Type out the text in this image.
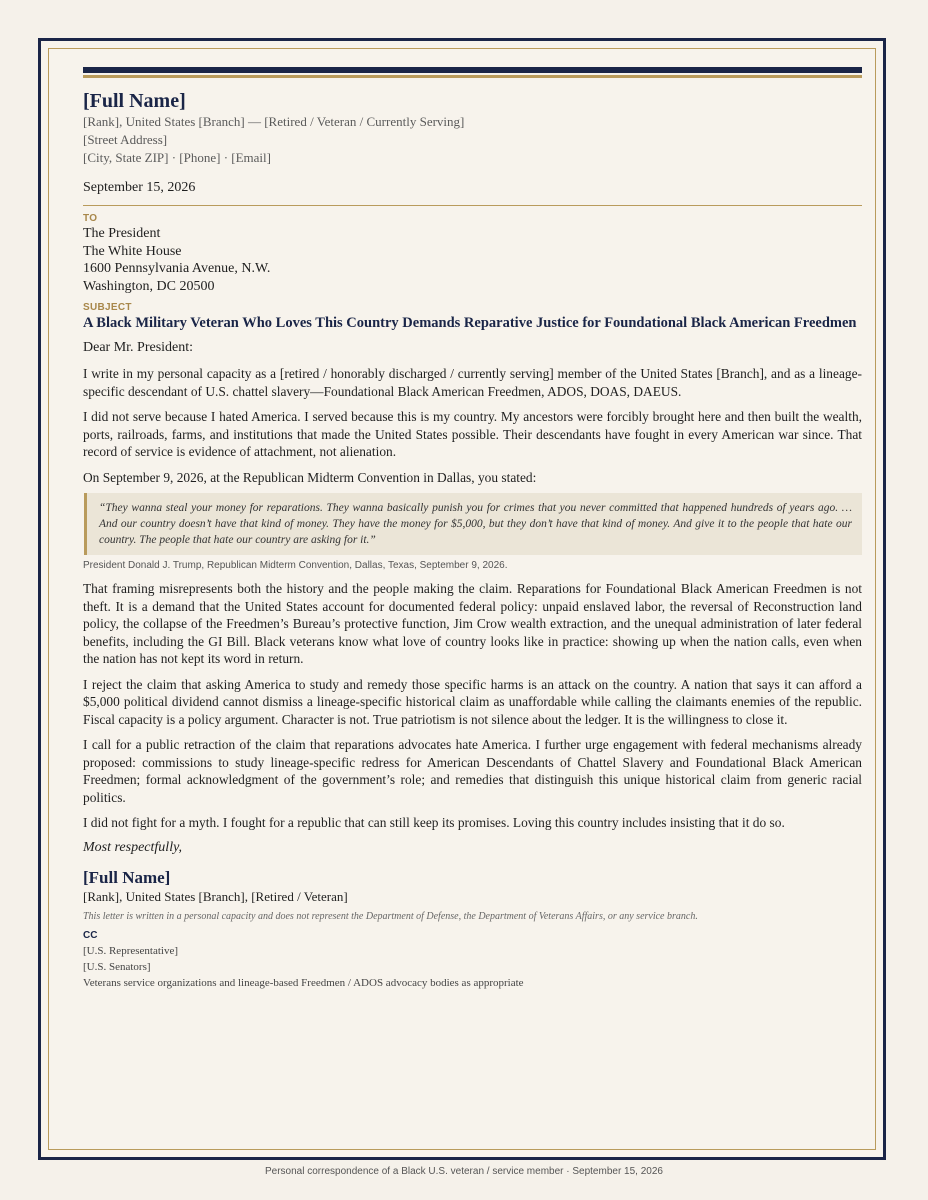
[Full Name]
[Rank], United States [Branch] — [Retired / Veteran / Currently Serving]
[Street Address]
[City, State ZIP] · [Phone] · [Email]
September 15, 2026
TO
The President
The White House
1600 Pennsylvania Avenue, N.W.
Washington, DC 20500
SUBJECT
A Black Military Veteran Who Loves This Country Demands Reparative Justice for Foundational Black American Freedmen
Dear Mr. President:

I write in my personal capacity as a [retired / honorably discharged / currently serving] member of the United States [Branch], and as a lineage-specific descendant of U.S. chattel slavery—Foundational Black American Freedmen, ADOS, DOAS, DAEUS.

I did not serve because I hated America. I served because this is my country. My ancestors were forcibly brought here and then built the wealth, ports, railroads, farms, and institutions that made the United States possible. Their descendants have fought in every American war since. That record of service is evidence of attachment, not alienation.

On September 9, 2026, at the Republican Midterm Convention in Dallas, you stated:

“They wanna steal your money for reparations. They wanna basically punish you for crimes that you never committed that happened hundreds of years ago. … And our country doesn’t have that kind of money. They have the money for $5,000, but they don’t have that kind of money. And give it to the people that hate our country. The people that hate our country are asking for it.”
President Donald J. Trump, Republican Midterm Convention, Dallas, Texas, September 9, 2026.

That framing misrepresents both the history and the people making the claim. Reparations for Foundational Black American Freedmen is not theft. It is a demand that the United States account for documented federal policy: unpaid enslaved labor, the reversal of Reconstruction land policy, the collapse of the Freedmen’s Bureau’s protective function, Jim Crow wealth extraction, and the unequal administration of later federal benefits, including the GI Bill. Black veterans know what love of country looks like in practice: showing up when the nation calls, even when the nation has not kept its word in return.

I reject the claim that asking America to study and remedy those specific harms is an attack on the country. A nation that says it can afford a $5,000 political dividend cannot dismiss a lineage-specific historical claim as unaffordable while calling the claimants enemies of the republic. Fiscal capacity is a policy argument. Character is not. True patriotism is not silence about the ledger. It is the willingness to close it.

I call for a public retraction of the claim that reparations advocates hate America. I further urge engagement with federal mechanisms already proposed: commissions to study lineage-specific redress for American Descendants of Chattel Slavery and Foundational Black American Freedmen; formal acknowledgment of the government’s role; and remedies that distinguish this unique historical claim from generic racial politics.

I did not fight for a myth. I fought for a republic that can still keep its promises. Loving this country includes insisting that it do so.

Most respectfully,
[Full Name]
[Rank], United States [Branch], [Retired / Veteran]
This letter is written in a personal capacity and does not represent the Department of Defense, the Department of Veterans Affairs, or any service branch.
CC
[U.S. Representative]
[U.S. Senators]
Veterans service organizations and lineage-based Freedmen / ADOS advocacy bodies as appropriate
Personal correspondence of a Black U.S. veteran / service member · September 15, 2026
